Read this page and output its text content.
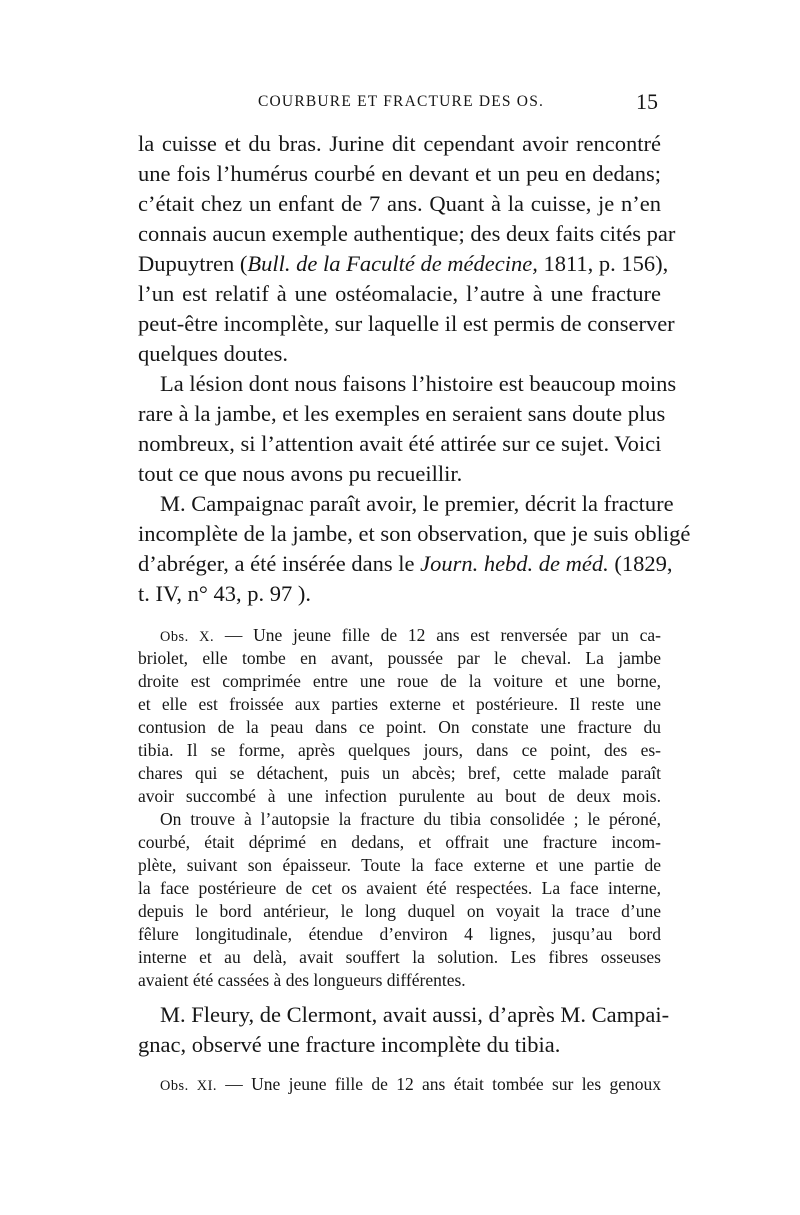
COURBURE ET FRACTURE DES OS.	15
la cuisse et du bras. Jurine dit cependant avoir rencontré
une fois l’humérus courbé en devant et un peu en dedans;
c’était chez un enfant de 7 ans. Quant à la cuisse, je n’en
connais aucun exemple authentique; des deux faits cités par
Dupuytren (Bull. de la Faculté de médecine, 1811, p. 156),
l’un est relatif à une ostéomalacie, l’autre à une fracture
peut-être incomplète, sur laquelle il est permis de conserver
quelques doutes.
La lésion dont nous faisons l’histoire est beaucoup moins
rare à la jambe, et les exemples en seraient sans doute plus
nombreux, si l’attention avait été attirée sur ce sujet. Voici
tout ce que nous avons pu recueillir.
M. Campaignac paraît avoir, le premier, décrit la fracture
incomplète de la jambe, et son observation, que je suis obligé
d’abréger, a été insérée dans le Journ. hebd. de méd. (1829,
t. IV, n° 43, p. 97 ).
Obs. X. — Une jeune fille de 12 ans est renversée par un ca-
briolet, elle tombe en avant, poussée par le cheval. La jambe
droite est comprimée entre une roue de la voiture et une borne,
et elle est froissée aux parties externe et postérieure. Il reste une
contusion de la peau dans ce point. On constate une fracture du
tibia. Il se forme, après quelques jours, dans ce point, des es-
chares qui se détachent, puis un abcès; bref, cette malade paraît
avoir succombé à une infection purulente au bout de deux mois.
On trouve à l’autopsie la fracture du tibia consolidée ; le péroné,
courbé, était déprimé en dedans, et offrait une fracture incom-
plète, suivant son épaisseur. Toute la face externe et une partie de
la face postérieure de cet os avaient été respectées. La face interne,
depuis le bord antérieur, le long duquel on voyait la trace d’une
fêlure longitudinale, étendue d’environ 4 lignes, jusqu’au bord
interne et au delà, avait souffert la solution. Les fibres osseuses
avaient été cassées à des longueurs différentes.
M. Fleury, de Clermont, avait aussi, d’après M. Campai-
gnac, observé une fracture incomplète du tibia.
Obs. XI. — Une jeune fille de 12 ans était tombée sur les genoux
